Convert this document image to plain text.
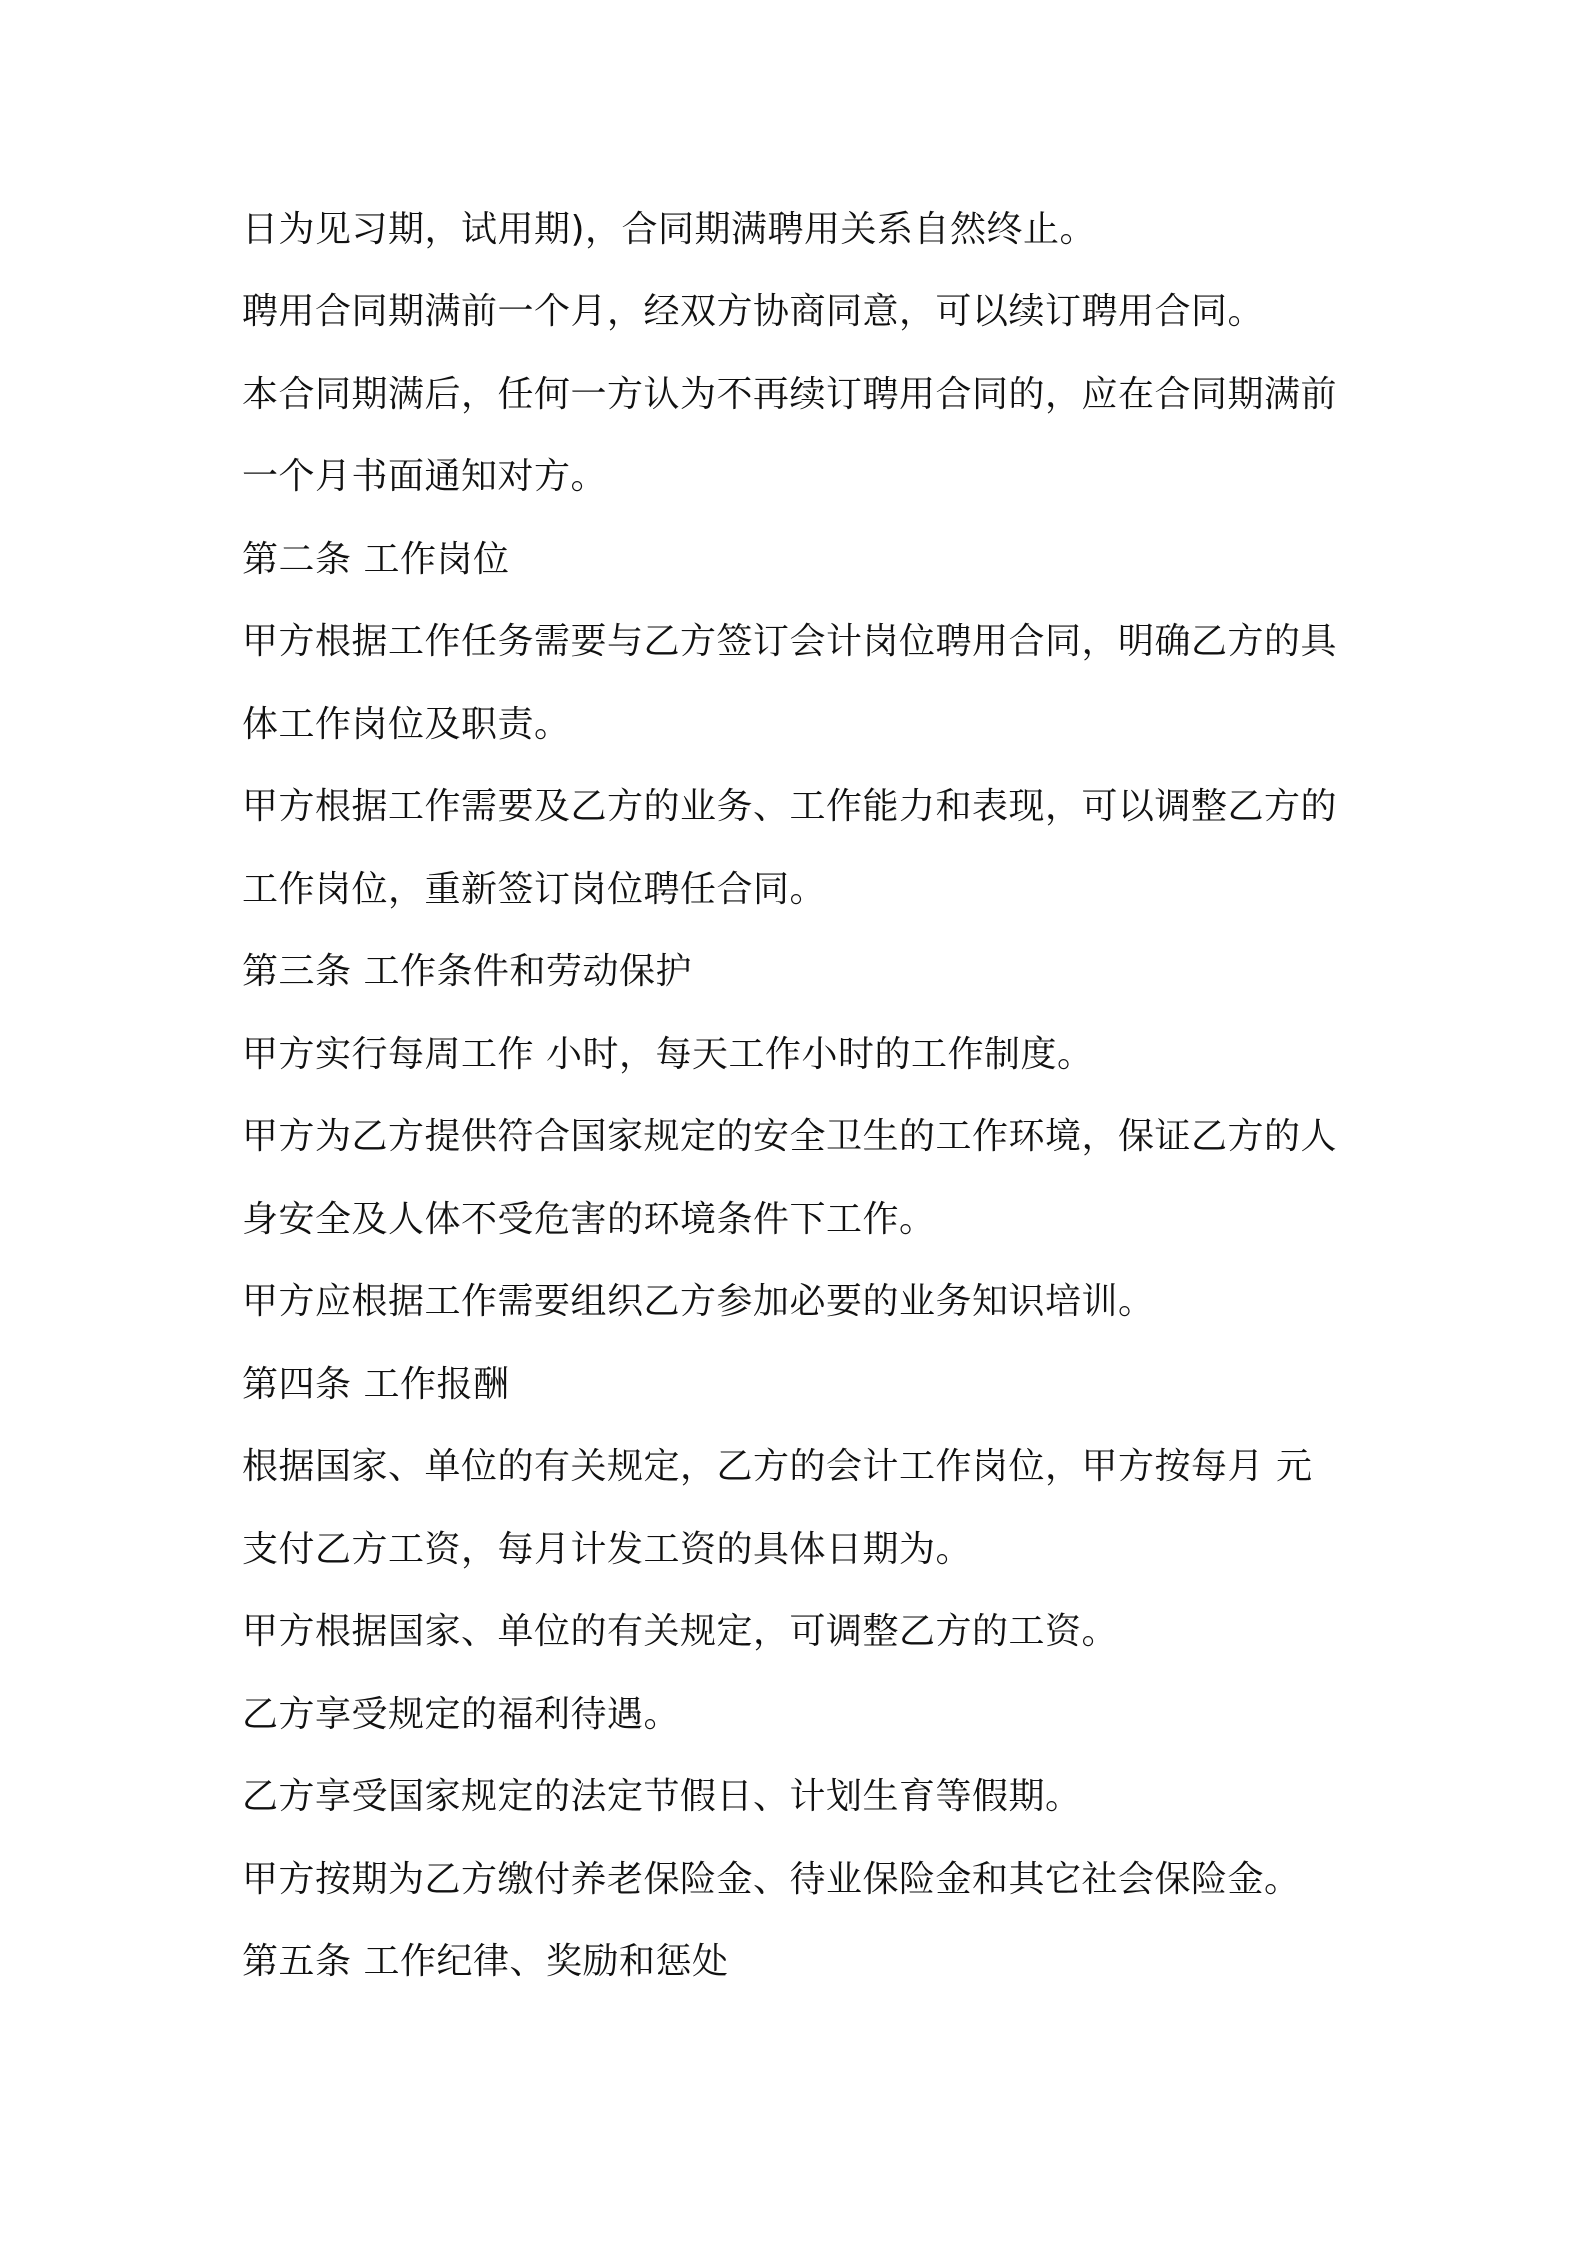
日为见习期，试用期)，合同期满聘用关系自然终止。
聘用合同期满前一个月，经双方协商同意，可以续订聘用合同。
本合同期满后，任何一方认为不再续订聘用合同的，应在合同期满前
一个月书面通知对方。
第二条 工作岗位
甲方根据工作任务需要与乙方签订会计岗位聘用合同，明确乙方的具
体工作岗位及职责。
甲方根据工作需要及乙方的业务、工作能力和表现，可以调整乙方的
工作岗位，重新签订岗位聘任合同。
第三条 工作条件和劳动保护
甲方实行每周工作 小时，每天工作小时的工作制度。
甲方为乙方提供符合国家规定的安全卫生的工作环境，保证乙方的人
身安全及人体不受危害的环境条件下工作。
甲方应根据工作需要组织乙方参加必要的业务知识培训。
第四条 工作报酬
根据国家、单位的有关规定，乙方的会计工作岗位，甲方按每月 元
支付乙方工资，每月计发工资的具体日期为。
甲方根据国家、单位的有关规定，可调整乙方的工资。
乙方享受规定的福利待遇。
乙方享受国家规定的法定节假日、计划生育等假期。
甲方按期为乙方缴付养老保险金、待业保险金和其它社会保险金。
第五条 工作纪律、奖励和惩处
